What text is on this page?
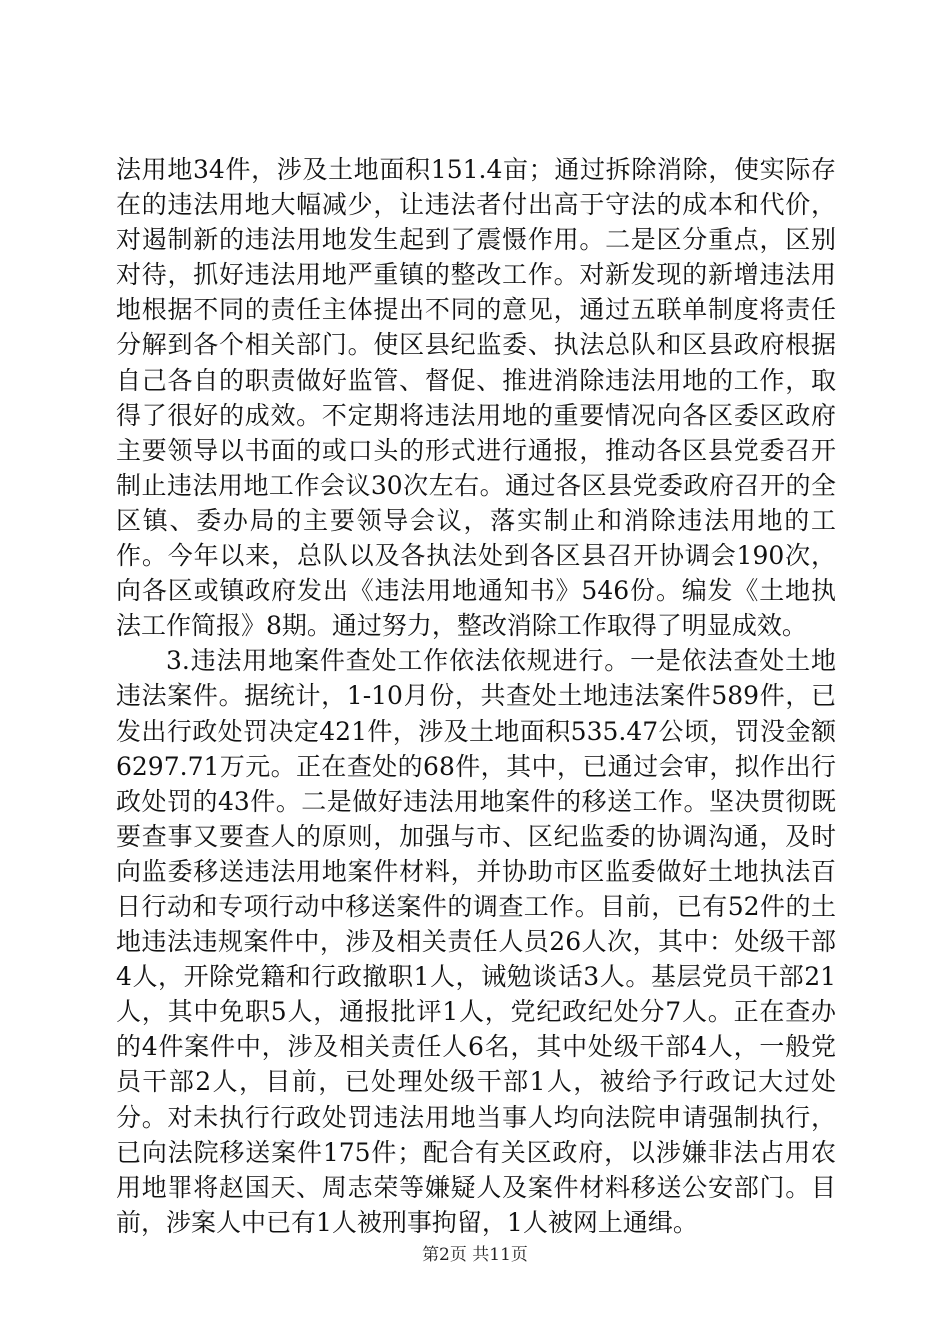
法用地34件，涉及土地面积151.4亩；通过拆除消除，使实际存在的违法用地大幅减少，让违法者付出高于守法的成本和代价，对遏制新的违法用地发生起到了震慑作用。二是区分重点，区别对待，抓好违法用地严重镇的整改工作。对新发现的新增违法用地根据不同的责任主体提出不同的意见，通过五联单制度将责任分解到各个相关部门。使区县纪监委、执法总队和区县政府根据自己各自的职责做好监管、督促、推进消除违法用地的工作，取得了很好的成效。不定期将违法用地的重要情况向各区委区政府主要领导以书面的或口头的形式进行通报，推动各区县党委召开制止违法用地工作会议30次左右。通过各区县党委政府召开的全区镇、委办局的主要领导会议，落实制止和消除违法用地的工作。今年以来，总队以及各执法处到各区县召开协调会190次，向各区或镇政府发出《违法用地通知书》546份。编发《土地执法工作简报》8期。通过努力，整改消除工作取得了明显成效。

3.违法用地案件查处工作依法依规进行。一是依法查处土地违法案件。据统计，1-10月份，共查处土地违法案件589件，已发出行政处罚决定421件，涉及土地面积535.47公顷，罚没金额6297.71万元。正在查处的68件，其中，已通过会审，拟作出行政处罚的43件。二是做好违法用地案件的移送工作。坚决贯彻既要查事又要查人的原则，加强与市、区纪监委的协调沟通，及时向监委移送违法用地案件材料，并协助市区监委做好土地执法百日行动和专项行动中移送案件的调查工作。目前，已有52件的土地违法违规案件中，涉及相关责任人员26人次，其中：处级干部4人，开除党籍和行政撤职1人，诫勉谈话3人。基层党员干部21人，其中免职5人，通报批评1人，党纪政纪处分7人。正在查办的4件案件中，涉及相关责任人6名，其中处级干部4人，一般党员干部2人，目前，已处理处级干部1人，被给予行政记大过处分。对未执行行政处罚违法用地当事人均向法院申请强制执行，已向法院移送案件175件；配合有关区政府，以涉嫌非法占用农用地罪将赵国天、周志荣等嫌疑人及案件材料移送公安部门。目前，涉案人中已有1人被刑事拘留，1人被网上通缉。

第2页 共11页
